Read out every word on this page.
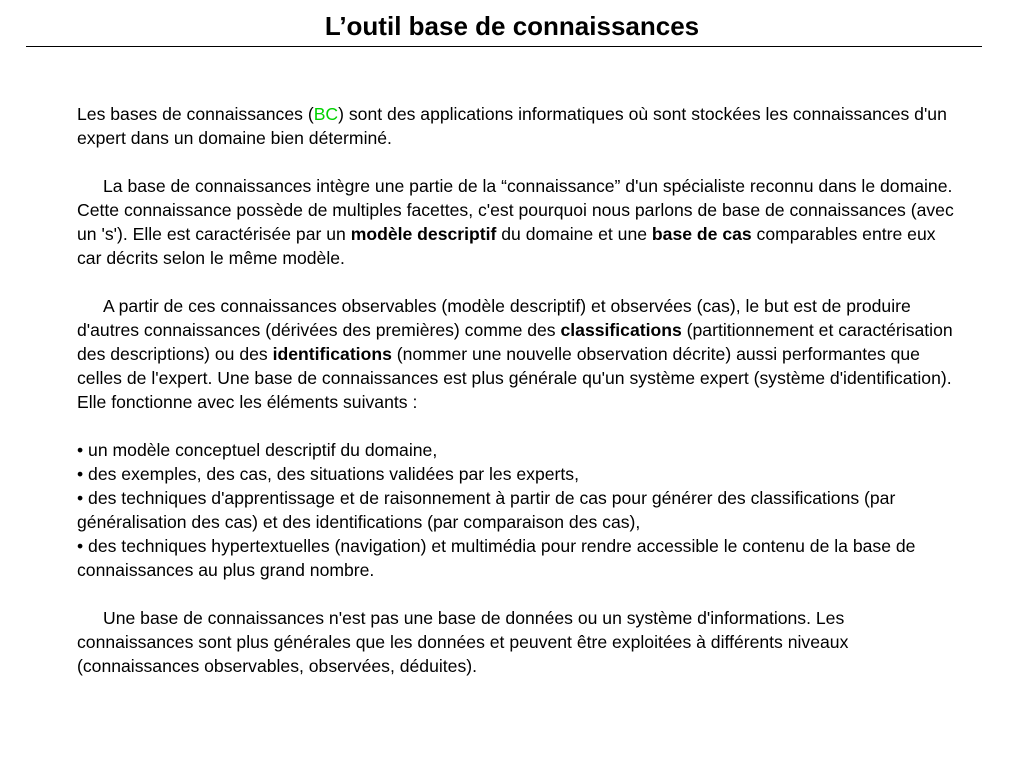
L’outil base de connaissances

Les bases de connaissances (BC) sont des applications informatiques où sont stockées les connaissances d'un expert dans un domaine bien déterminé.

La base de connaissances intègre une partie de la “connaissance” d'un spécialiste reconnu dans le domaine. Cette connaissance possède de multiples facettes, c'est pourquoi nous parlons de base de connaissances (avec un 's'). Elle est caractérisée par un modèle descriptif du domaine et une base de cas comparables entre eux car décrits selon le même modèle.

A partir de ces connaissances observables (modèle descriptif) et observées (cas), le but est de produire d'autres connaissances (dérivées des premières) comme des classifications (partitionnement et caractérisation des descriptions) ou des identifications (nommer une nouvelle observation décrite) aussi performantes que celles de l'expert. Une base de connaissances est plus générale qu'un système expert (système d'identification). Elle fonctionne avec les éléments suivants :

• un modèle conceptuel descriptif du domaine,
• des exemples, des cas, des situations validées par les experts,
• des techniques d'apprentissage et de raisonnement à partir de cas pour générer des classifications (par généralisation des cas) et des identifications (par comparaison des cas),
• des techniques hypertextuelles (navigation) et multimédia pour rendre accessible le contenu de la base de connaissances au plus grand nombre.

Une base de connaissances n'est pas une base de données ou un système d'informations. Les connaissances sont plus générales que les données et peuvent être exploitées à différents niveaux (connaissances observables, observées, déduites).
